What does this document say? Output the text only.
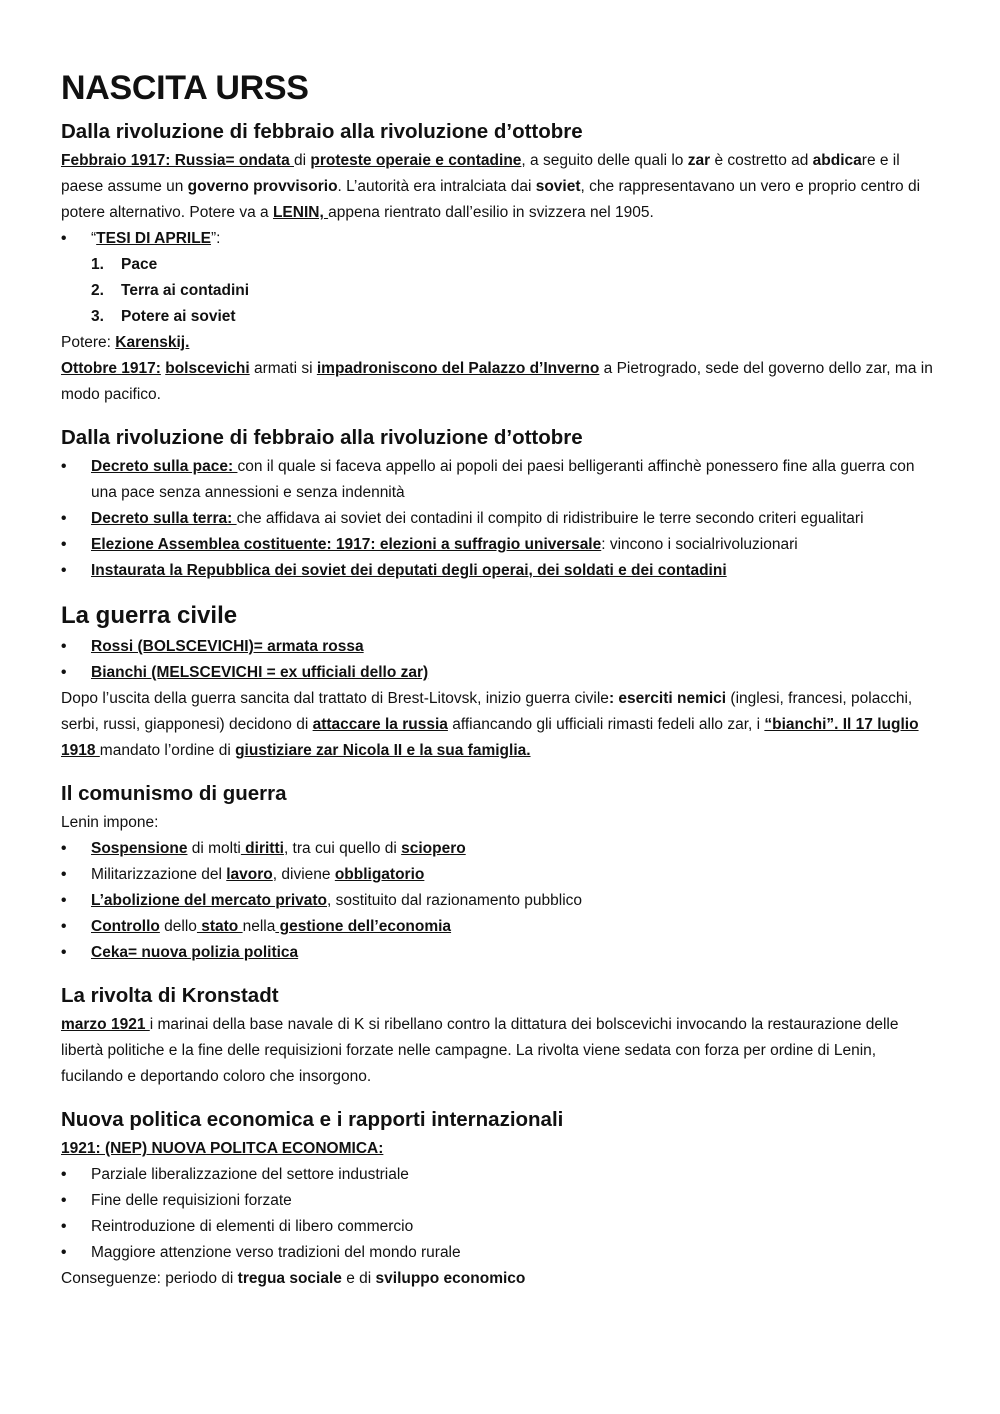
NASCITA URSS
Dalla rivoluzione di febbraio alla rivoluzione d’ottobre

Febbraio 1917: Russia= ondata di proteste operaie e contadine, a seguito delle quali lo zar è costretto ad abdicare e il paese assume un governo provvisorio. L’autorità era intralciata dai soviet, che rappresentavano un vero e proprio centro di potere alternativo. Potere va a LENIN, appena rientrato dall’esilio in svizzera nel 1905.

• “TESI DI APRILE”:
1. Pace
2. Terra ai contadini
3. Potere ai soviet

Potere: Karenskij.

Ottobre 1917: bolscevichi armati si impadroniscono del Palazzo d’Inverno a Pietrogrado, sede del governo dello zar, ma in modo pacifico.

Dalla rivoluzione di febbraio alla rivoluzione d’ottobre
• Decreto sulla pace: con il quale si faceva appello ai popoli dei paesi belligeranti affinchè ponessero fine alla guerra con una pace senza annessioni e senza indennità
• Decreto sulla terra: che affidava ai soviet dei contadini il compito di ridistribuire le terre secondo criteri egualitari
• Elezione Assemblea costituente: 1917: elezioni a suffragio universale: vincono i socialrivoluzionari
• Instaurata la Repubblica dei soviet dei deputati degli operai, dei soldati e dei contadini
La guerra civile
• Rossi (BOLSCEVICHI)= armata rossa
• Bianchi (MELSCEVICHI = ex ufficiali dello zar)

Dopo l’uscita della guerra sancita dal trattato di Brest-Litovsk, inizio guerra civile: eserciti nemici (inglesi, francesi, polacchi, serbi, russi, giapponesi) decidono di attaccare la russia affiancando gli ufficiali rimasti fedeli allo zar, i “bianchi”. Il 17 luglio 1918 mandato l’ordine di giustiziare zar Nicola II e la sua famiglia.

Il comunismo di guerra

Lenin impone:

• Sospensione di molti diritti, tra cui quello di sciopero
• Militarizzazione del lavoro, diviene obbligatorio
• L’abolizione del mercato privato, sostituito dal razionamento pubblico
• Controllo dello stato nella gestione dell’economia
• Ceka= nuova polizia politica
La rivolta di Kronstadt

marzo 1921 i marinai della base navale di K si ribellano contro la dittatura dei bolscevichi invocando la restaurazione delle libertà politiche e la fine delle requisizioni forzate nelle campagne. La rivolta viene sedata con forza per ordine di Lenin, fucilando e deportando coloro che insorgono.

Nuova politica economica e i rapporti internazionali

1921: (NEP) NUOVA POLITCA ECONOMICA:

• Parziale liberalizzazione del settore industriale
• Fine delle requisizioni forzate
• Reintroduzione di elementi di libero commercio
• Maggiore attenzione verso tradizioni del mondo rurale

Conseguenze: periodo di tregua sociale e di sviluppo economico
